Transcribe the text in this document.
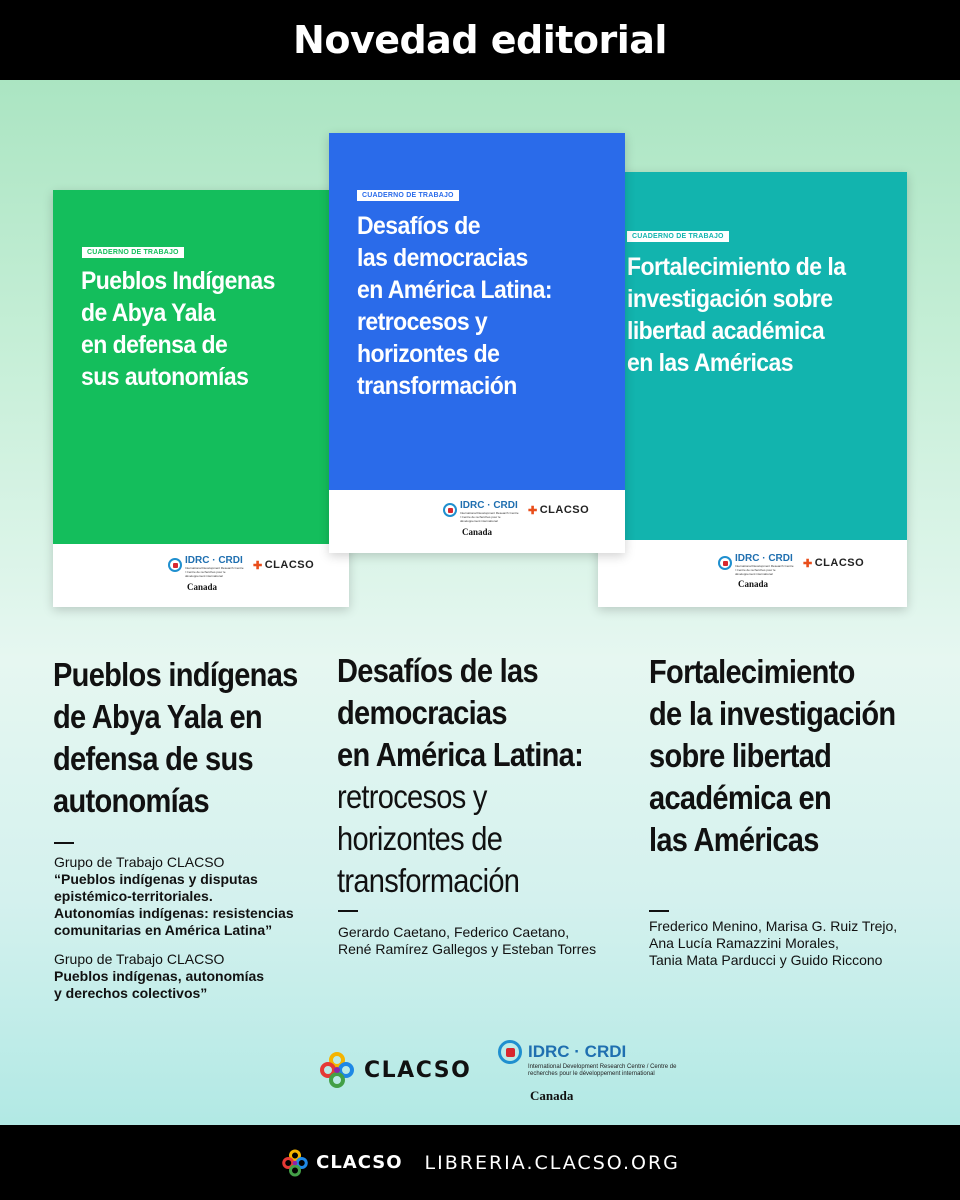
Novedad editorial
CUADERNO DE TRABAJO
Pueblos Indígenas
de Abya Yala
en defensa de
sus autonomías
IDRC · CRDI
International Development Research Centre / Centre de recherches pour le développement international
✚ CLACSO
Canada
CUADERNO DE TRABAJO
Fortalecimiento de la
investigación sobre
libertad académica
en las Américas
IDRC · CRDI
International Development Research Centre / Centre de recherches pour le développement international
✚ CLACSO
Canada
CUADERNO DE TRABAJO
Desafíos de
las democracias
en América Latina:
retrocesos y
horizontes de
transformación
IDRC · CRDI
International Development Research Centre / Centre de recherches pour le développement international
✚ CLACSO
Canada
Pueblos indígenas
de Abya Yala en
defensa de sus
autonomías
Grupo de Trabajo CLACSO
“Pueblos indígenas y disputas
epistémico-territoriales.
Autonomías indígenas: resistencias
comunitarias en América Latina”
Grupo de Trabajo CLACSO
Pueblos indígenas, autonomías
y derechos colectivos”
Desafíos de las
democracias
en América Latina:
retrocesos y
horizontes de
transformación
Gerardo Caetano, Federico Caetano,
René Ramírez Gallegos y Esteban Torres
Fortalecimiento
de la investigación
sobre libertad
académica en
las Américas
Frederico Menino, Marisa G. Ruiz Trejo,
Ana Lucía Ramazzini Morales,
Tania Mata Parducci y Guido Riccono
CLACSO
IDRC · CRDI
International Development Research Centre / Centre de recherches pour le développement international
Canada
CLACSO LIBRERIA.CLACSO.ORG
